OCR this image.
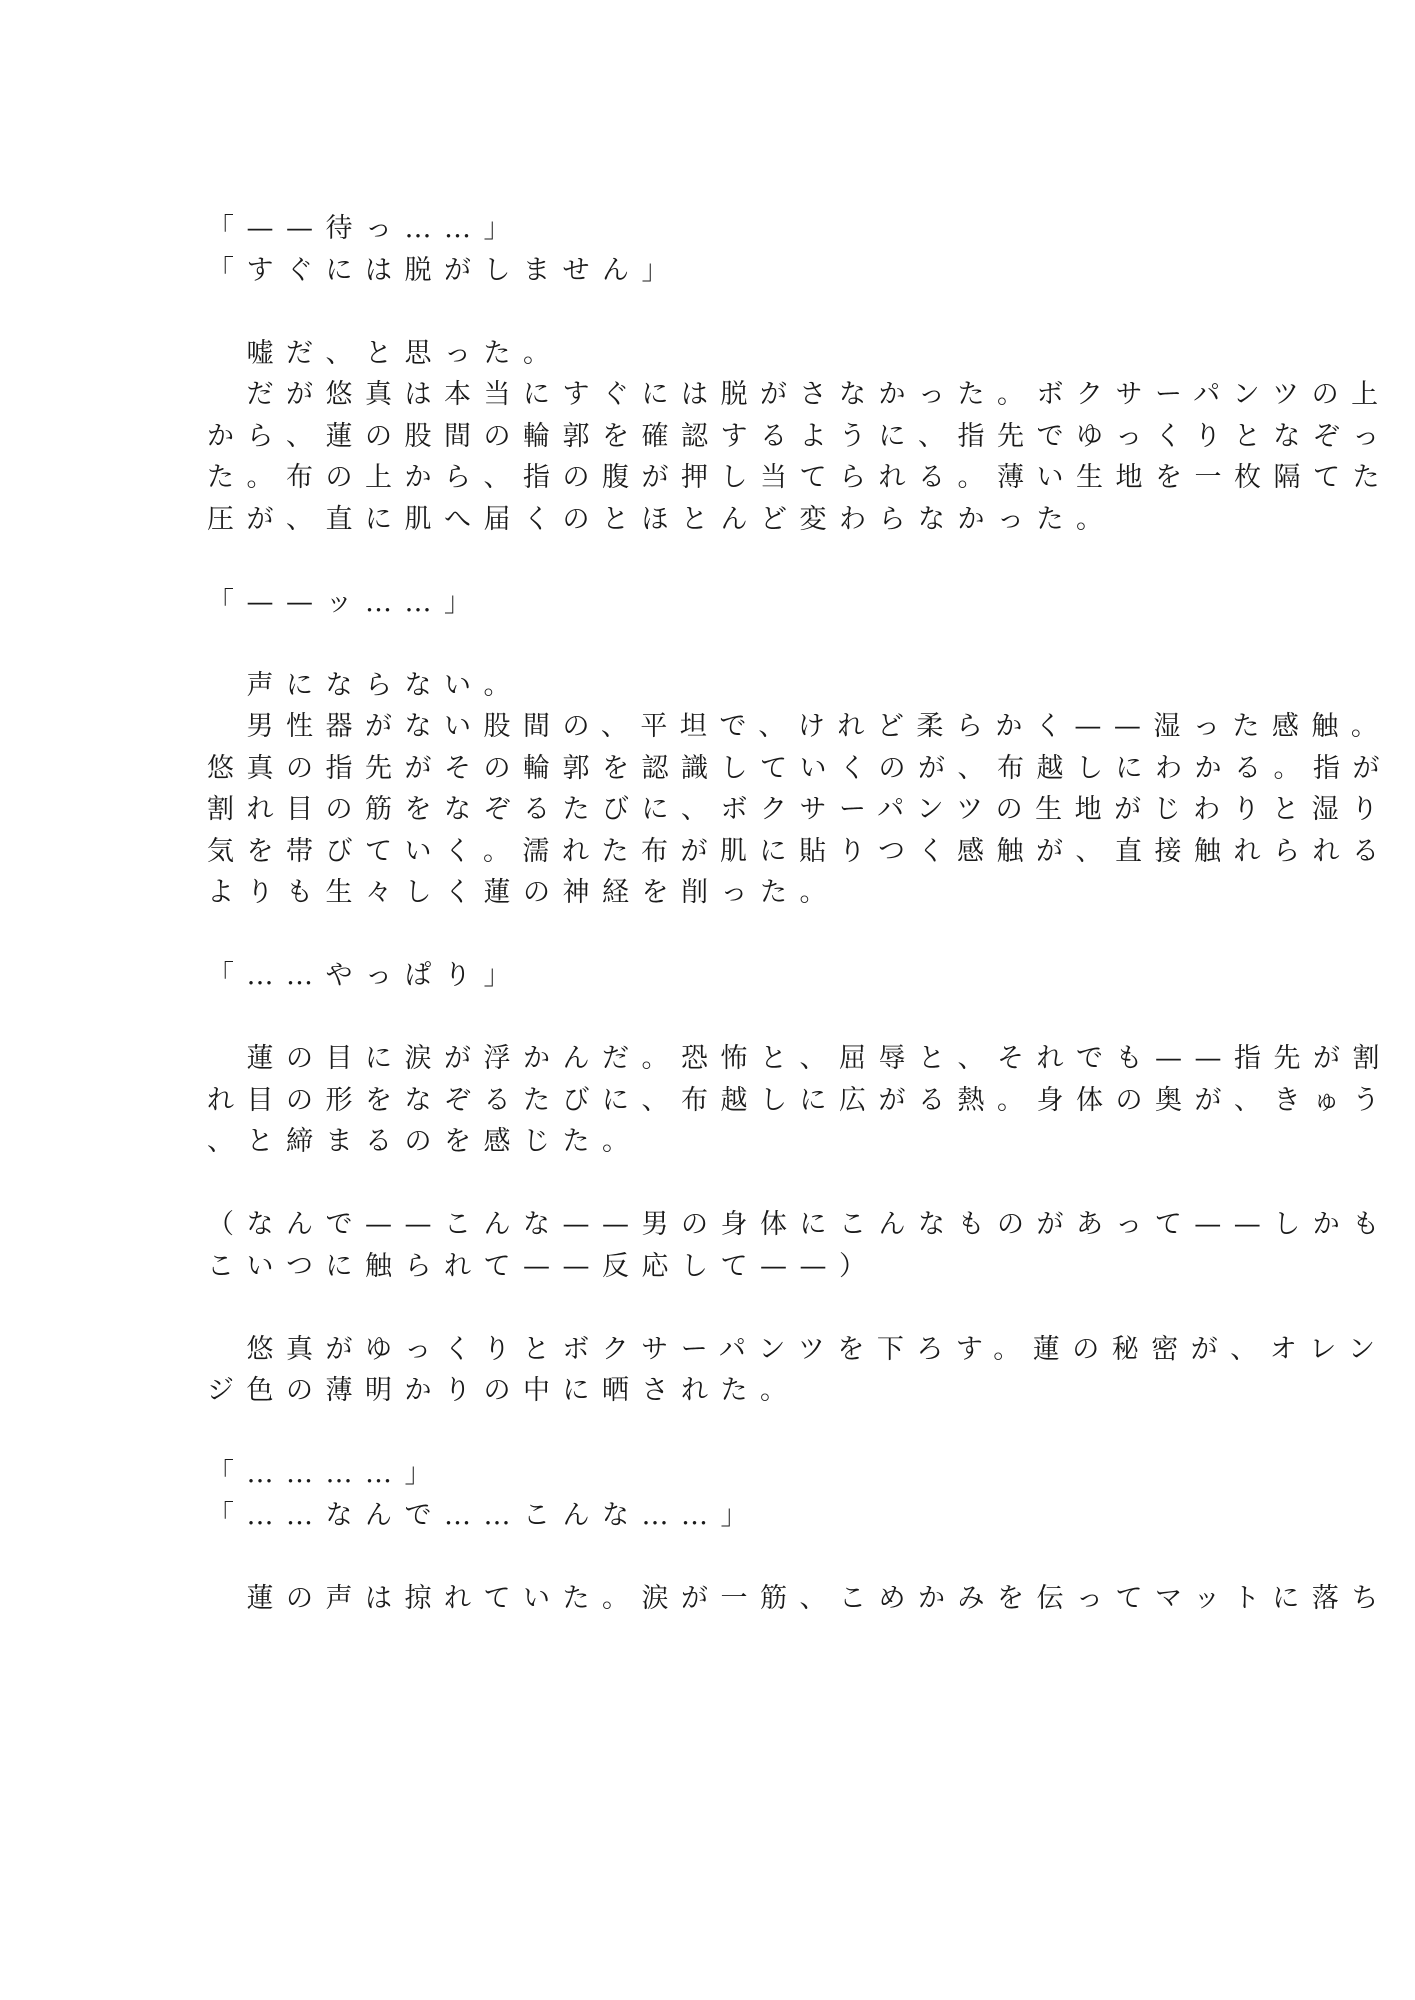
「——待っ……」
「すぐには脱がしません」
　嘘だ、と思った。
　だが悠真は本当にすぐには脱がさなかった。ボクサーパンツの上
から、蓮の股間の輪郭を確認するように、指先でゆっくりとなぞっ
た。布の上から、指の腹が押し当てられる。薄い生地を一枚隔てた
圧が、直に肌へ届くのとほとんど変わらなかった。
「——ッ……」
　声にならない。
　男性器がない股間の、平坦で、けれど柔らかく——湿った感触。
悠真の指先がその輪郭を認識していくのが、布越しにわかる。指が
割れ目の筋をなぞるたびに、ボクサーパンツの生地がじわりと湿り
気を帯びていく。濡れた布が肌に貼りつく感触が、直接触れられる
よりも生々しく蓮の神経を削った。
「……やっぱり」
　蓮の目に涙が浮かんだ。恐怖と、屈辱と、それでも——指先が割
れ目の形をなぞるたびに、布越しに広がる熱。身体の奥が、きゅう
、と締まるのを感じた。
（なんで——こんな——男の身体にこんなものがあって——しかも
こいつに触られて——反応して——）
　悠真がゆっくりとボクサーパンツを下ろす。蓮の秘密が、オレン
ジ色の薄明かりの中に晒された。
「…………」
「……なんで……こんな……」
　蓮の声は掠れていた。涙が一筋、こめかみを伝ってマットに落ち
